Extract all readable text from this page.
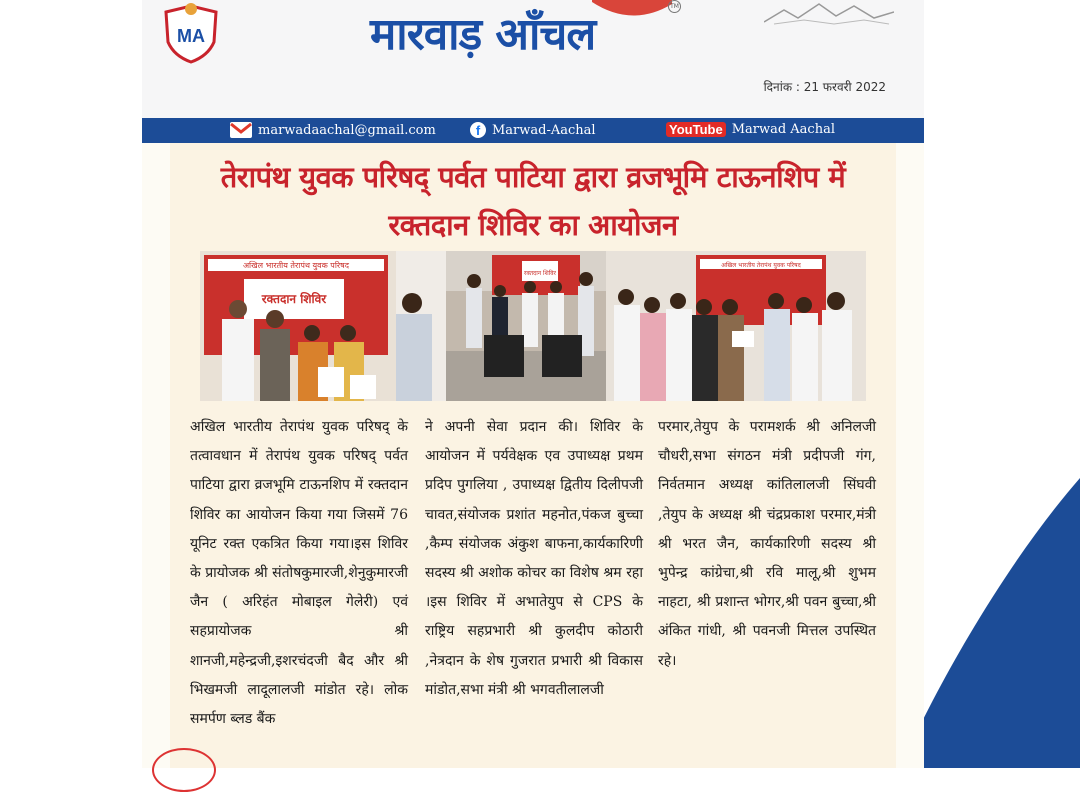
MA	मारवाड़ आँचल
TM
दिनांक : 21 फरवरी 2022
marwadaachal@gmail.com	f Marwad-Aachal	YouTube Marwad Aachal
तेरापंथ युवक परिषद् पर्वत पाटिया द्वारा व्रजभूमि टाऊनशिप में
रक्तदान शिविर का आयोजन
अखिल भारतीय तेरापंथ युवक परिषद
रक्तदान शिविर
रक्तदान शिविर
अखिल भारतीय तेरापंथ युवक परिषद

अखिल भारतीय तेरापंथ युवक परिषद् के तत्वावधान में तेरापंथ युवक परिषद् पर्वत पाटिया द्वारा व्रजभूमि टाऊनशिप में रक्तदान शिविर का आयोजन किया गया जिसमें 76 यूनिट रक्त एकत्रित किया गया।इस शिविर के प्रायोजक श्री संतोषकुमारजी,शेनुकुमारजी जैन ( अरिहंत मोबाइल गेलेरी) एवं सहप्रायोजक श्री शानजी,महेन्द्रजी,इशरचंदजी बैद और श्री भिखमजी लादूलालजी मांडोत रहे। लोक समर्पण ब्लड बैंक

ने अपनी सेवा प्रदान की। शिविर के आयोजन में पर्यवेक्षक एव उपाध्यक्ष प्रथम प्रदिप पुगलिया , उपाध्यक्ष द्वितीय दिलीपजी चावत,संयोजक प्रशांत महनोत,पंकज बुच्चा ,कैम्प संयोजक अंकुश बाफना,कार्यकारिणी सदस्य श्री अशोक कोचर का विशेष श्रम रहा ।इस शिविर में अभातेयुप से CPS के राष्ट्रिय सहप्रभारी श्री कुलदीप कोठारी ,नेत्रदान के शेष गुजरात प्रभारी श्री विकास मांडोत,सभा मंत्री श्री भगवतीलालजी

परमार,तेयुप के परामशर्क श्री अनिलजी चौधरी,सभा संगठन मंत्री प्रदीपजी गंग, निर्वतमान अध्यक्ष कांतिलालजी सिंघवी ,तेयुप के अध्यक्ष श्री चंद्रप्रकाश परमार,मंत्री श्री भरत जैन, कार्यकारिणी सदस्य श्री भुपेन्द्र कांग्रेचा,श्री रवि मालू,श्री शुभम नाहटा, श्री प्रशान्त भोगर,श्री पवन बुच्चा,श्री अंकित गांधी, श्री पवनजी मित्तल उपस्थित रहे।
